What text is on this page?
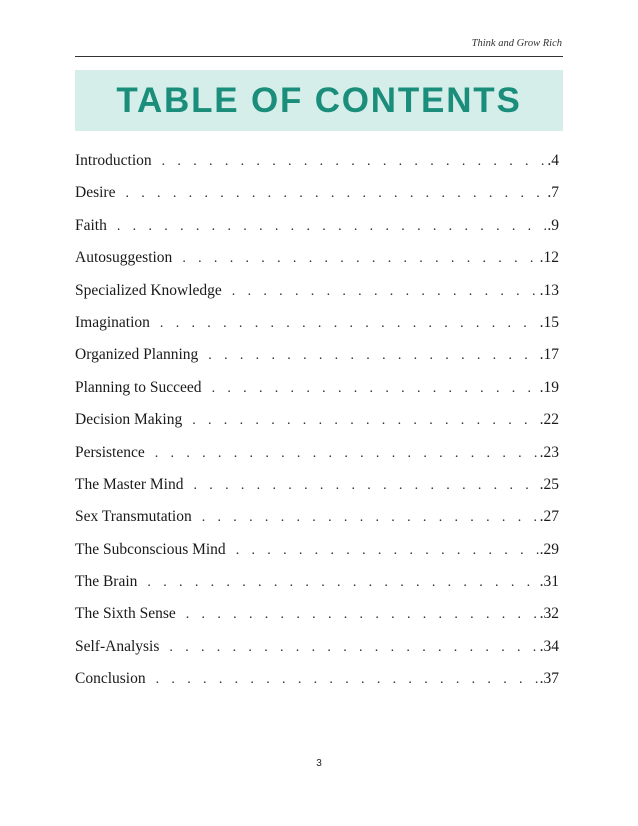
Think and Grow Rich
TABLE OF CONTENTS
Introduction . . .	.4
Desire . . .	.7
Faith . . .	.9
Autosuggestion . . .	.12
Specialized Knowledge . . .	.13
Imagination . . .	.15
Organized Planning . . .	.17
Planning to Succeed . . .	.19
Decision Making . . .	.22
Persistence . . .	.23
The Master Mind . . .	.25
Sex Transmutation . . .	.27
The Subconscious Mind . . .	.29
The Brain . . .	.31
The Sixth Sense . . .	.32
Self-Analysis . . .	.34
Conclusion . . .	.37
3
